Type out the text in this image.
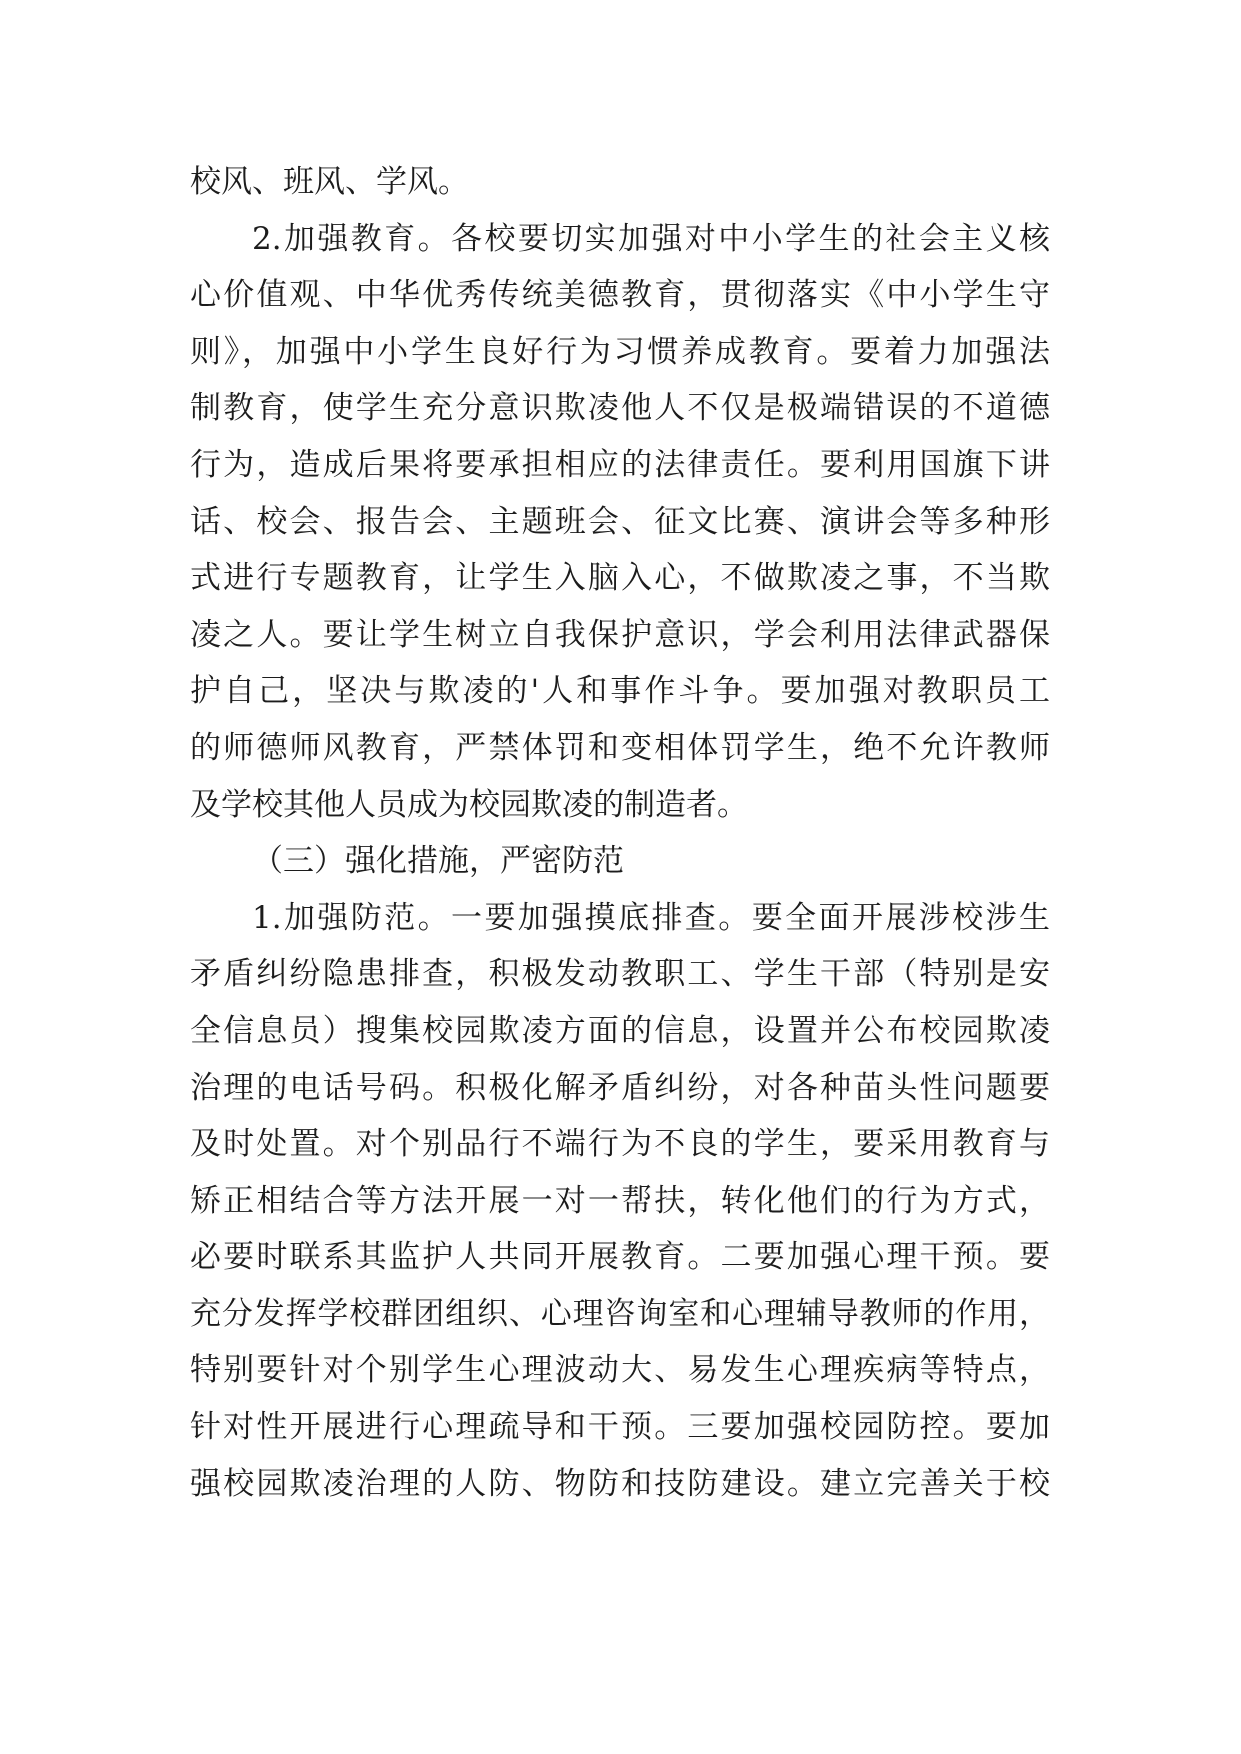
校风、班风、学风。
2.加强教育。各校要切实加强对中小学生的社会主义核
心价值观、中华优秀传统美德教育，贯彻落实《中小学生守
则》，加强中小学生良好行为习惯养成教育。要着力加强法
制教育，使学生充分意识欺凌他人不仅是极端错误的不道德
行为，造成后果将要承担相应的法律责任。要利用国旗下讲
话、校会、报告会、主题班会、征文比赛、演讲会等多种形
式进行专题教育，让学生入脑入心，不做欺凌之事，不当欺
凌之人。要让学生树立自我保护意识，学会利用法律武器保
护自己，坚决与欺凌的'人和事作斗争。要加强对教职员工
的师德师风教育，严禁体罚和变相体罚学生，绝不允许教师
及学校其他人员成为校园欺凌的制造者。
（三）强化措施，严密防范
1.加强防范。一要加强摸底排查。要全面开展涉校涉生
矛盾纠纷隐患排查，积极发动教职工、学生干部（特别是安
全信息员）搜集校园欺凌方面的信息，设置并公布校园欺凌
治理的电话号码。积极化解矛盾纠纷，对各种苗头性问题要
及时处置。对个别品行不端行为不良的学生，要采用教育与
矫正相结合等方法开展一对一帮扶，转化他们的行为方式，
必要时联系其监护人共同开展教育。二要加强心理干预。要
充分发挥学校群团组织、心理咨询室和心理辅导教师的作用，
特别要针对个别学生心理波动大、易发生心理疾病等特点，
针对性开展进行心理疏导和干预。三要加强校园防控。要加
强校园欺凌治理的人防、物防和技防建设。建立完善关于校
